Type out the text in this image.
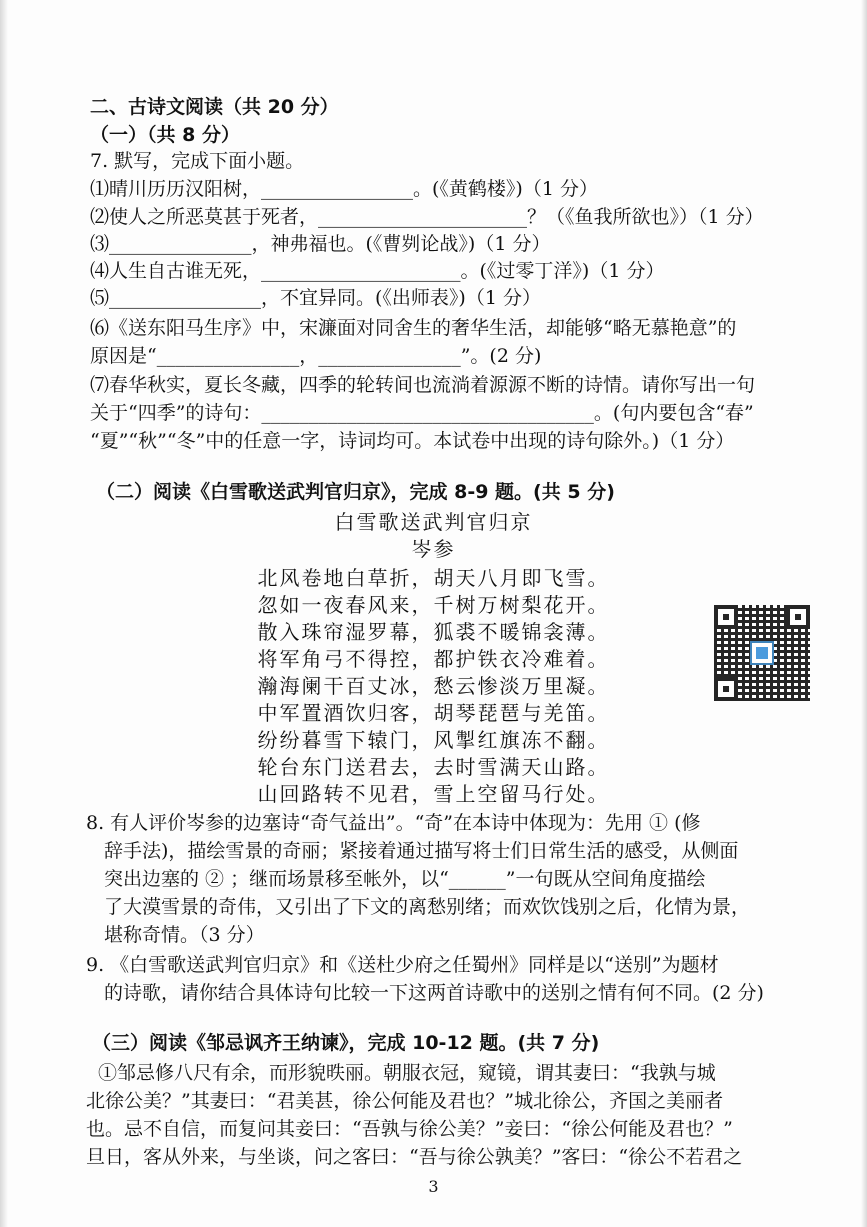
二、古诗文阅读（共 20 分）
（一）（共 8 分）
7. 默写，完成下面小题。
⑴晴川历历汉阳树，________________。(《黄鹤楼》)（1 分）
⑵使人之所恶莫甚于死者，______________________？（《鱼我所欲也》）（1 分）
⑶_______________，神弗福也。(《曹刿论战》)（1 分）
⑷人生自古谁无死，_____________________。(《过零丁洋》)（1 分）
⑸________________，不宜异同。(《出师表》)（1 分）
⑹《送东阳马生序》中，宋濂面对同舍生的奢华生活，却能够“略无慕艳意”的
原因是“_______________，_______________”。(2 分)
⑺春华秋实，夏长冬藏，四季的轮转间也流淌着源源不断的诗情。请你写出一句
关于“四季”的诗句：___________________________________。(句内要包含“春”
“夏”“秋”“冬”中的任意一字，诗词均可。本试卷中出现的诗句除外。)（1 分）
（二）阅读《白雪歌送武判官归京》，完成 8-9 题。(共 5 分)
白雪歌送武判官归京
岑参
北风卷地白草折，胡天八月即飞雪。
忽如一夜春风来，千树万树梨花开。
散入珠帘湿罗幕，狐裘不暖锦衾薄。
将军角弓不得控，都护铁衣冷难着。
瀚海阑干百丈冰，愁云惨淡万里凝。
中军置酒饮归客，胡琴琵琶与羌笛。
纷纷暮雪下辕门，风掣红旗冻不翻。
轮台东门送君去，去时雪满天山路。
山回路转不见君，雪上空留马行处。
8. 有人评价岑参的边塞诗“奇气益出”。“奇”在本诗中体现为：先用 ① (修
辞手法)，描绘雪景的奇丽；紧接着通过描写将士们日常生活的感受，从侧面
突出边塞的 ② ；继而场景移至帐外，以“______”一句既从空间角度描绘
了大漠雪景的奇伟，又引出了下文的离愁别绪；而欢饮饯别之后，化情为景，
堪称奇情。（3 分）
9. 《白雪歌送武判官归京》和《送杜少府之任蜀州》同样是以“送别”为题材
的诗歌，请你结合具体诗句比较一下这两首诗歌中的送别之情有何不同。(2 分)
（三）阅读《邹忌讽齐王纳谏》，完成 10-12 题。(共 7 分)
①邹忌修八尺有余，而形貌昳丽。朝服衣冠，窥镜，谓其妻曰：“我孰与城
北徐公美？”其妻曰：“君美甚，徐公何能及君也？”城北徐公，齐国之美丽者
也。忌不自信，而复问其妾曰：“吾孰与徐公美？”妾曰：“徐公何能及君也？”
旦日，客从外来，与坐谈，问之客曰：“吾与徐公孰美？”客曰：“徐公不若君之
3
